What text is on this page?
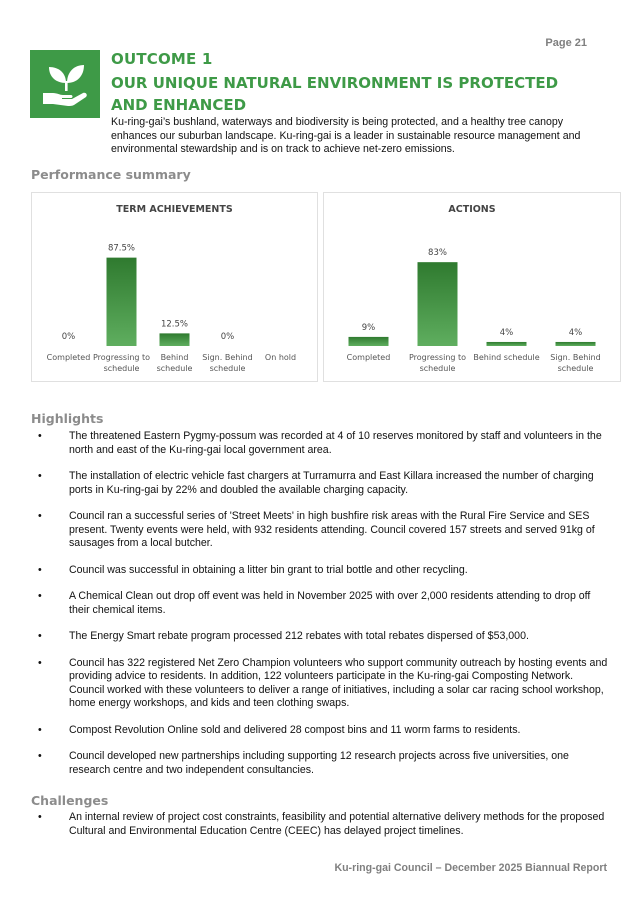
Page 21
OUTCOME 1
OUR UNIQUE NATURAL ENVIRONMENT IS PROTECTED AND ENHANCED
Ku-ring-gai’s bushland, waterways and biodiversity is being protected, and a healthy tree canopy enhances our suburban landscape. Ku-ring-gai is a leader in sustainable resource management and environmental stewardship and is on track to achieve net-zero emissions.
Performance summary
TERM ACHIEVEMENTS
0%
Completed
87.5%
Progressing to
schedule
12.5%
Behind
schedule
0%
Sign. Behind
schedule
On hold
ACTIONS
9%
Completed
83%
Progressing to
schedule
4%
Behind schedule
4%
Sign. Behind
schedule
Highlights
•	The threatened Eastern Pygmy-possum was recorded at 4 of 10 reserves monitored by staff and volunteers in the north and east of the Ku-ring-gai local government area.
•	The installation of electric vehicle fast chargers at Turramurra and East Killara increased the number of charging ports in Ku-ring-gai by 22% and doubled the available charging capacity.
•	Council ran a successful series of 'Street Meets' in high bushfire risk areas with the Rural Fire Service and SES present. Twenty events were held, with 932 residents attending. Council covered 157 streets and served 91kg of sausages from a local butcher.
•	Council was successful in obtaining a litter bin grant to trial bottle and other recycling.
•	A Chemical Clean out drop off event was held in November 2025 with over 2,000 residents attending to drop off their chemical items.
•	The Energy Smart rebate program processed 212 rebates with total rebates dispersed of $53,000.
•	Council has 322 registered Net Zero Champion volunteers who support community outreach by hosting events and providing advice to residents. In addition, 122 volunteers participate in the Ku-ring-gai Composting Network. Council worked with these volunteers to deliver a range of initiatives, including a solar car racing school workshop, home energy workshops, and kids and teen clothing swaps.
•	Compost Revolution Online sold and delivered 28 compost bins and 11 worm farms to residents.
•	Council developed new partnerships including supporting 12 research projects across five universities, one research centre and two independent consultancies.
Challenges
•	An internal review of project cost constraints, feasibility and potential alternative delivery methods for the proposed Cultural and Environmental Education Centre (CEEC) has delayed project timelines.
Ku-ring-gai Council – December 2025 Biannual Report
